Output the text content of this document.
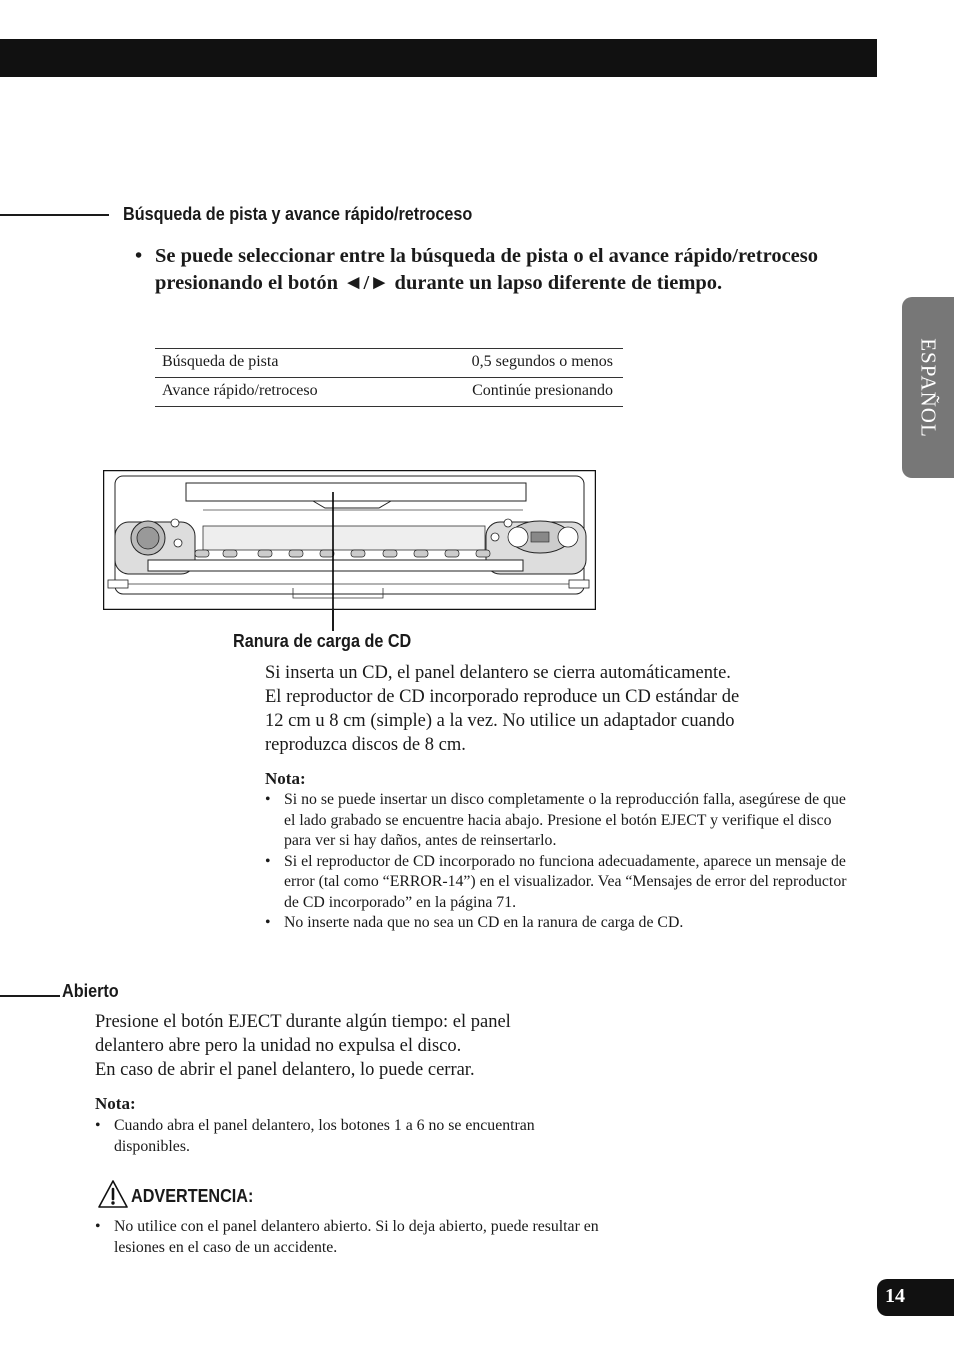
ESPAÑOL
Búsqueda de pista y avance rápido/retroceso
• Se puede seleccionar entre la búsqueda de pista o el avance rápido/retroceso presionando el botón ◄/► durante un lapso diferente de tiempo.
Búsqueda de pista	0,5 segundos o menos
Avance rápido/retroceso	Continúe presionando
Ranura de carga de CD
Si inserta un CD, el panel delantero se cierra automáticamente.
El reproductor de CD incorporado reproduce un CD estándar de
12 cm u 8 cm (simple) a la vez. No utilice un adaptador cuando
reproduzca discos de 8 cm.
Nota:
• Si no se puede insertar un disco completamente o la reproducción falla, asegúrese de que el lado grabado se encuentre hacia abajo. Presione el botón EJECT y verifique el disco para ver si hay daños, antes de reinsertarlo.
• Si el reproductor de CD incorporado no funciona adecuadamente, aparece un mensaje de error (tal como “ERROR-14”) en el visualizador. Vea “Mensajes de error del reproductor de CD incorporado” en la página 71.
• No inserte nada que no sea un CD en la ranura de carga de CD.
Abierto
Presione el botón EJECT durante algún tiempo: el panel
delantero abre pero la unidad no expulsa el disco.
En caso de abrir el panel delantero, lo puede cerrar.
Nota:
• Cuando abra el panel delantero, los botones 1 a 6 no se encuentran disponibles.
ADVERTENCIA:
• No utilice con el panel delantero abierto. Si lo deja abierto, puede resultar en lesiones en el caso de un accidente.
14
